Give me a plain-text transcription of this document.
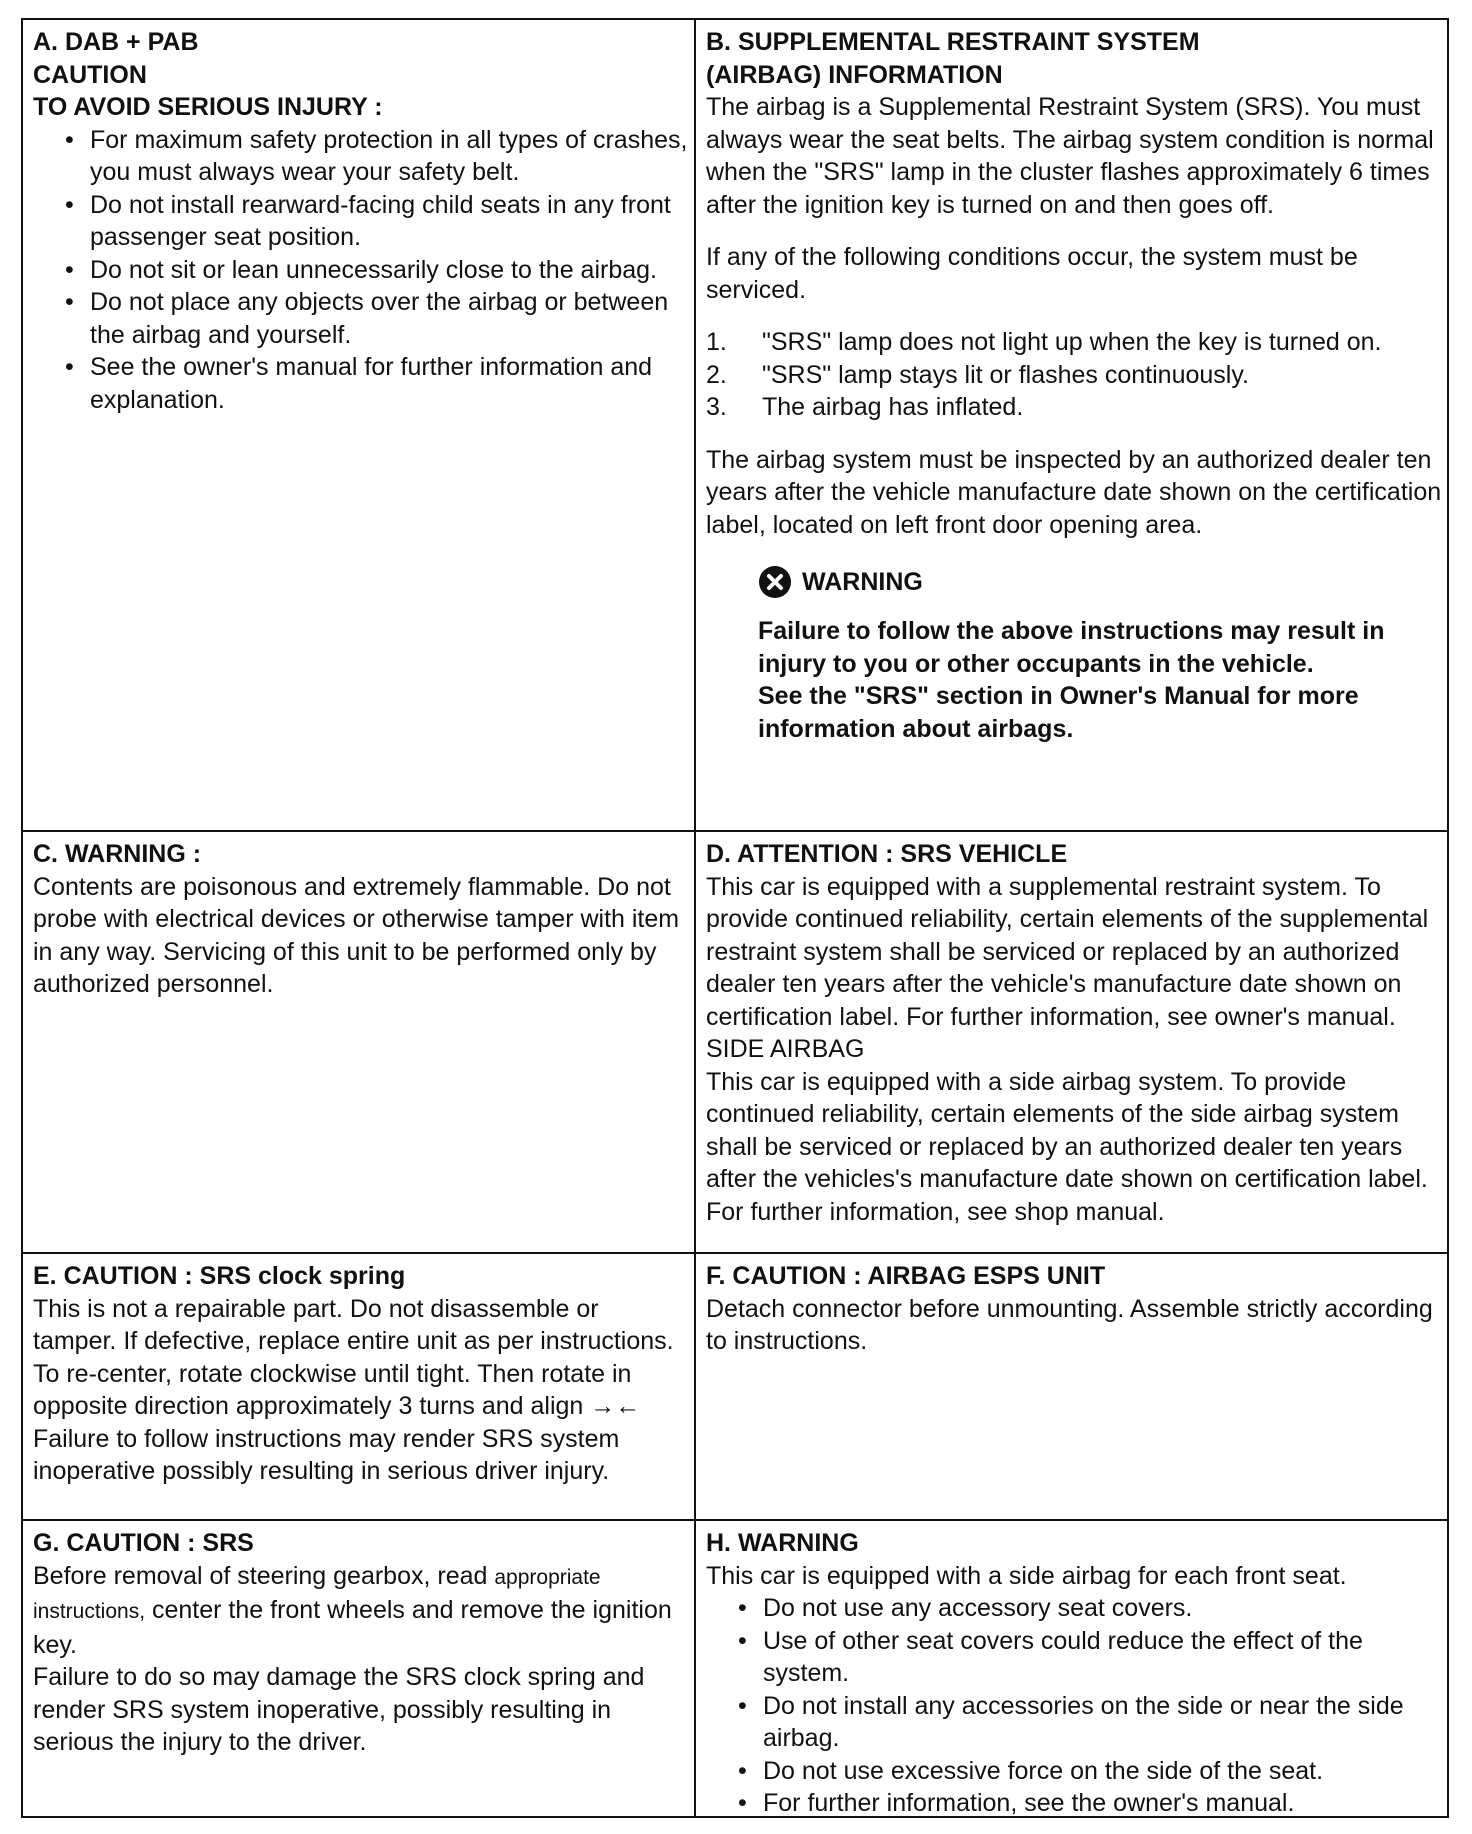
A. DAB + PAB

CAUTION

TO AVOID SERIOUS INJURY :

• For maximum safety protection in all types of crashes, you must always wear your safety belt.
• Do not install rearward-facing child seats in any front passenger seat position.
• Do not sit or lean unnecessarily close to the airbag.
• Do not place any objects over the airbag or between the airbag and yourself.
• See the owner's manual for further information and explanation.

B. SUPPLEMENTAL RESTRAINT SYSTEM

(AIRBAG) INFORMATION

The airbag is a Supplemental Restraint System (SRS). You must always wear the seat belts. The airbag system condition is normal when the "SRS" lamp in the cluster flashes approximately 6 times after the ignition key is turned on and then goes off.

If any of the following conditions occur, the system must be serviced.

1. "SRS" lamp does not light up when the key is turned on.
2. "SRS" lamp stays lit or flashes continuously.
3. The airbag has inflated.

The airbag system must be inspected by an authorized dealer ten years after the vehicle manufacture date shown on the certification label, located on left front door opening area.

WARNING

Failure to follow the above instructions may result in injury to you or other occupants in the vehicle.

See the "SRS" section in Owner's Manual for more information about airbags.

C. WARNING :

Contents are poisonous and extremely flammable. Do not probe with electrical devices or otherwise tamper with item in any way. Servicing of this unit to be performed only by authorized personnel.

D. ATTENTION : SRS VEHICLE

This car is equipped with a supplemental restraint system. To provide continued reliability, certain elements of the supplemental restraint system shall be serviced or replaced by an authorized dealer ten years after the vehicle's manufacture date shown on certification label. For further information, see owner's manual.

SIDE AIRBAG

This car is equipped with a side airbag system. To provide continued reliability, certain elements of the side airbag system shall be serviced or replaced by an authorized dealer ten years after the vehicles's manufacture date shown on certification label. For further information, see shop manual.

E. CAUTION : SRS clock spring

This is not a repairable part. Do not disassemble or tamper. If defective, replace entire unit as per instructions.

To re-center, rotate clockwise until tight. Then rotate in opposite direction approximately 3 turns and align →←

Failure to follow instructions may render SRS system inoperative possibly resulting in serious driver injury.

F. CAUTION : AIRBAG ESPS UNIT

Detach connector before unmounting. Assemble strictly according to instructions.

G. CAUTION : SRS

Before removal of steering gearbox, read appropriate instructions, center the front wheels and remove the ignition key.

Failure to do so may damage the SRS clock spring and render SRS system inoperative, possibly resulting in serious the injury to the driver.

H. WARNING

This car is equipped with a side airbag for each front seat.

• Do not use any accessory seat covers.
• Use of other seat covers could reduce the effect of the system.
• Do not install any accessories on the side or near the side airbag.
• Do not use excessive force on the side of the seat.
• For further information, see the owner's manual.
